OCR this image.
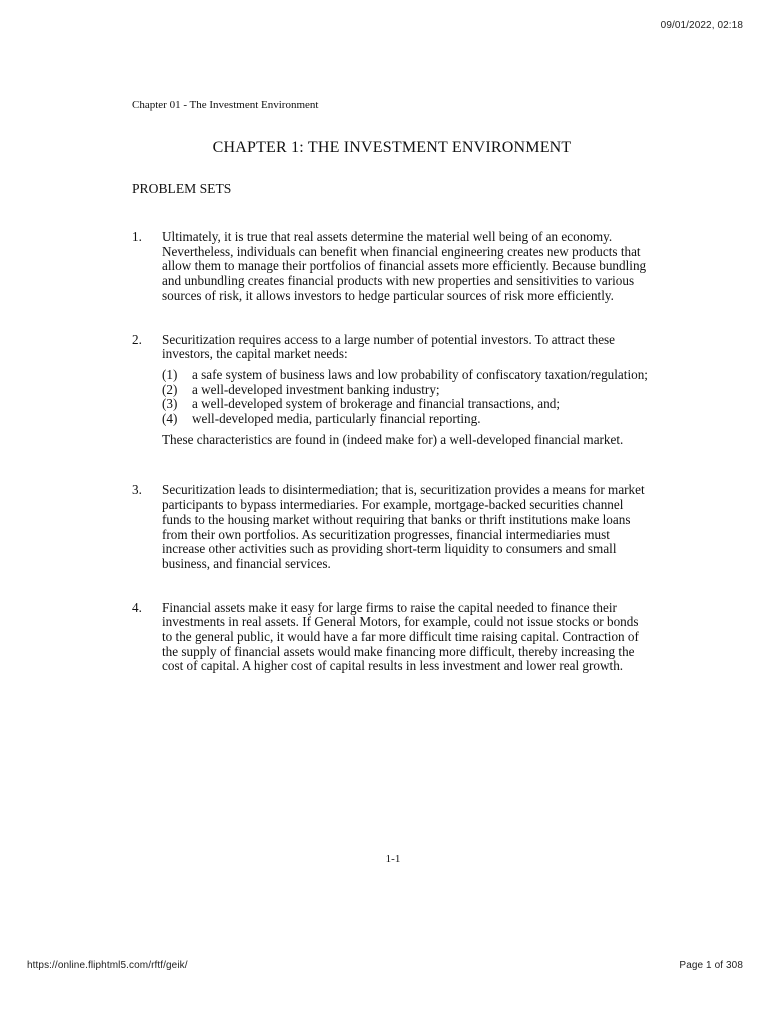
09/01/2022, 02:18

Chapter 01 - The Investment Environment

CHAPTER 1: THE INVESTMENT ENVIRONMENT
PROBLEM SETS
1.	Ultimately, it is true that real assets determine the material well being of an economy. Nevertheless, individuals can benefit when financial engineering creates new products that allow them to manage their portfolios of financial assets more efficiently. Because bundling and unbundling creates financial products with new properties and sensitivities to various sources of risk, it allows investors to hedge particular sources of risk more efficiently.

2.	Securitization requires access to a large number of potential investors. To attract these investors, the capital market needs:

(1)	a safe system of business laws and low probability of confiscatory taxation/regulation;
(2)	a well-developed investment banking industry;
(3)	a well-developed system of brokerage and financial transactions, and;
(4)	well-developed media, particularly financial reporting.

These characteristics are found in (indeed make for) a well-developed financial market.

3.	Securitization leads to disintermediation; that is, securitization provides a means for market participants to bypass intermediaries. For example, mortgage-backed securities channel funds to the housing market without requiring that banks or thrift institutions make loans from their own portfolios. As securitization progresses, financial intermediaries must increase other activities such as providing short-term liquidity to consumers and small business, and financial services.

4.	Financial assets make it easy for large firms to raise the capital needed to finance their investments in real assets. If General Motors, for example, could not issue stocks or bonds to the general public, it would have a far more difficult time raising capital. Contraction of the supply of financial assets would make financing more difficult, thereby increasing the cost of capital. A higher cost of capital results in less investment and lower real growth.

1-1
https://online.fliphtml5.com/rftf/geik/	Page 1 of 308
